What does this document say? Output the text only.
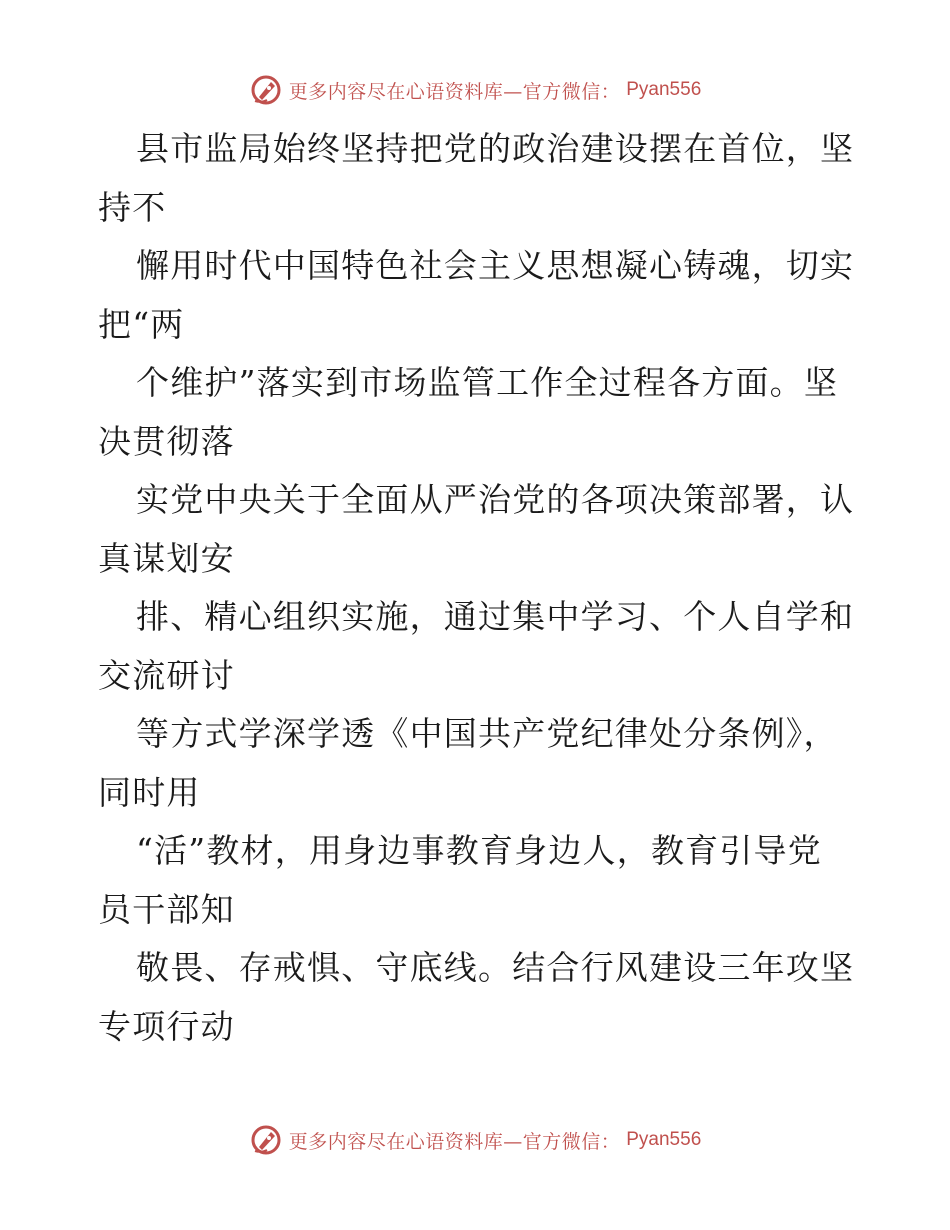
更多内容尽在心语资料库—官方微信： Pyan556
县市监局始终坚持把党的政治建设摆在首位，坚
持不
懈用时代中国特色社会主义思想凝心铸魂，切实
把“两
个维护”落实到市场监管工作全过程各方面。坚
决贯彻落
实党中央关于全面从严治党的各项决策部署，认
真谋划安
排、精心组织实施，通过集中学习、个人自学和
交流研讨
等方式学深学透《中国共产党纪律处分条例》，
同时用
“活”教材，用身边事教育身边人，教育引导党
员干部知
敬畏、存戒惧、守底线。结合行风建设三年攻坚
专项行动
更多内容尽在心语资料库—官方微信： Pyan556
